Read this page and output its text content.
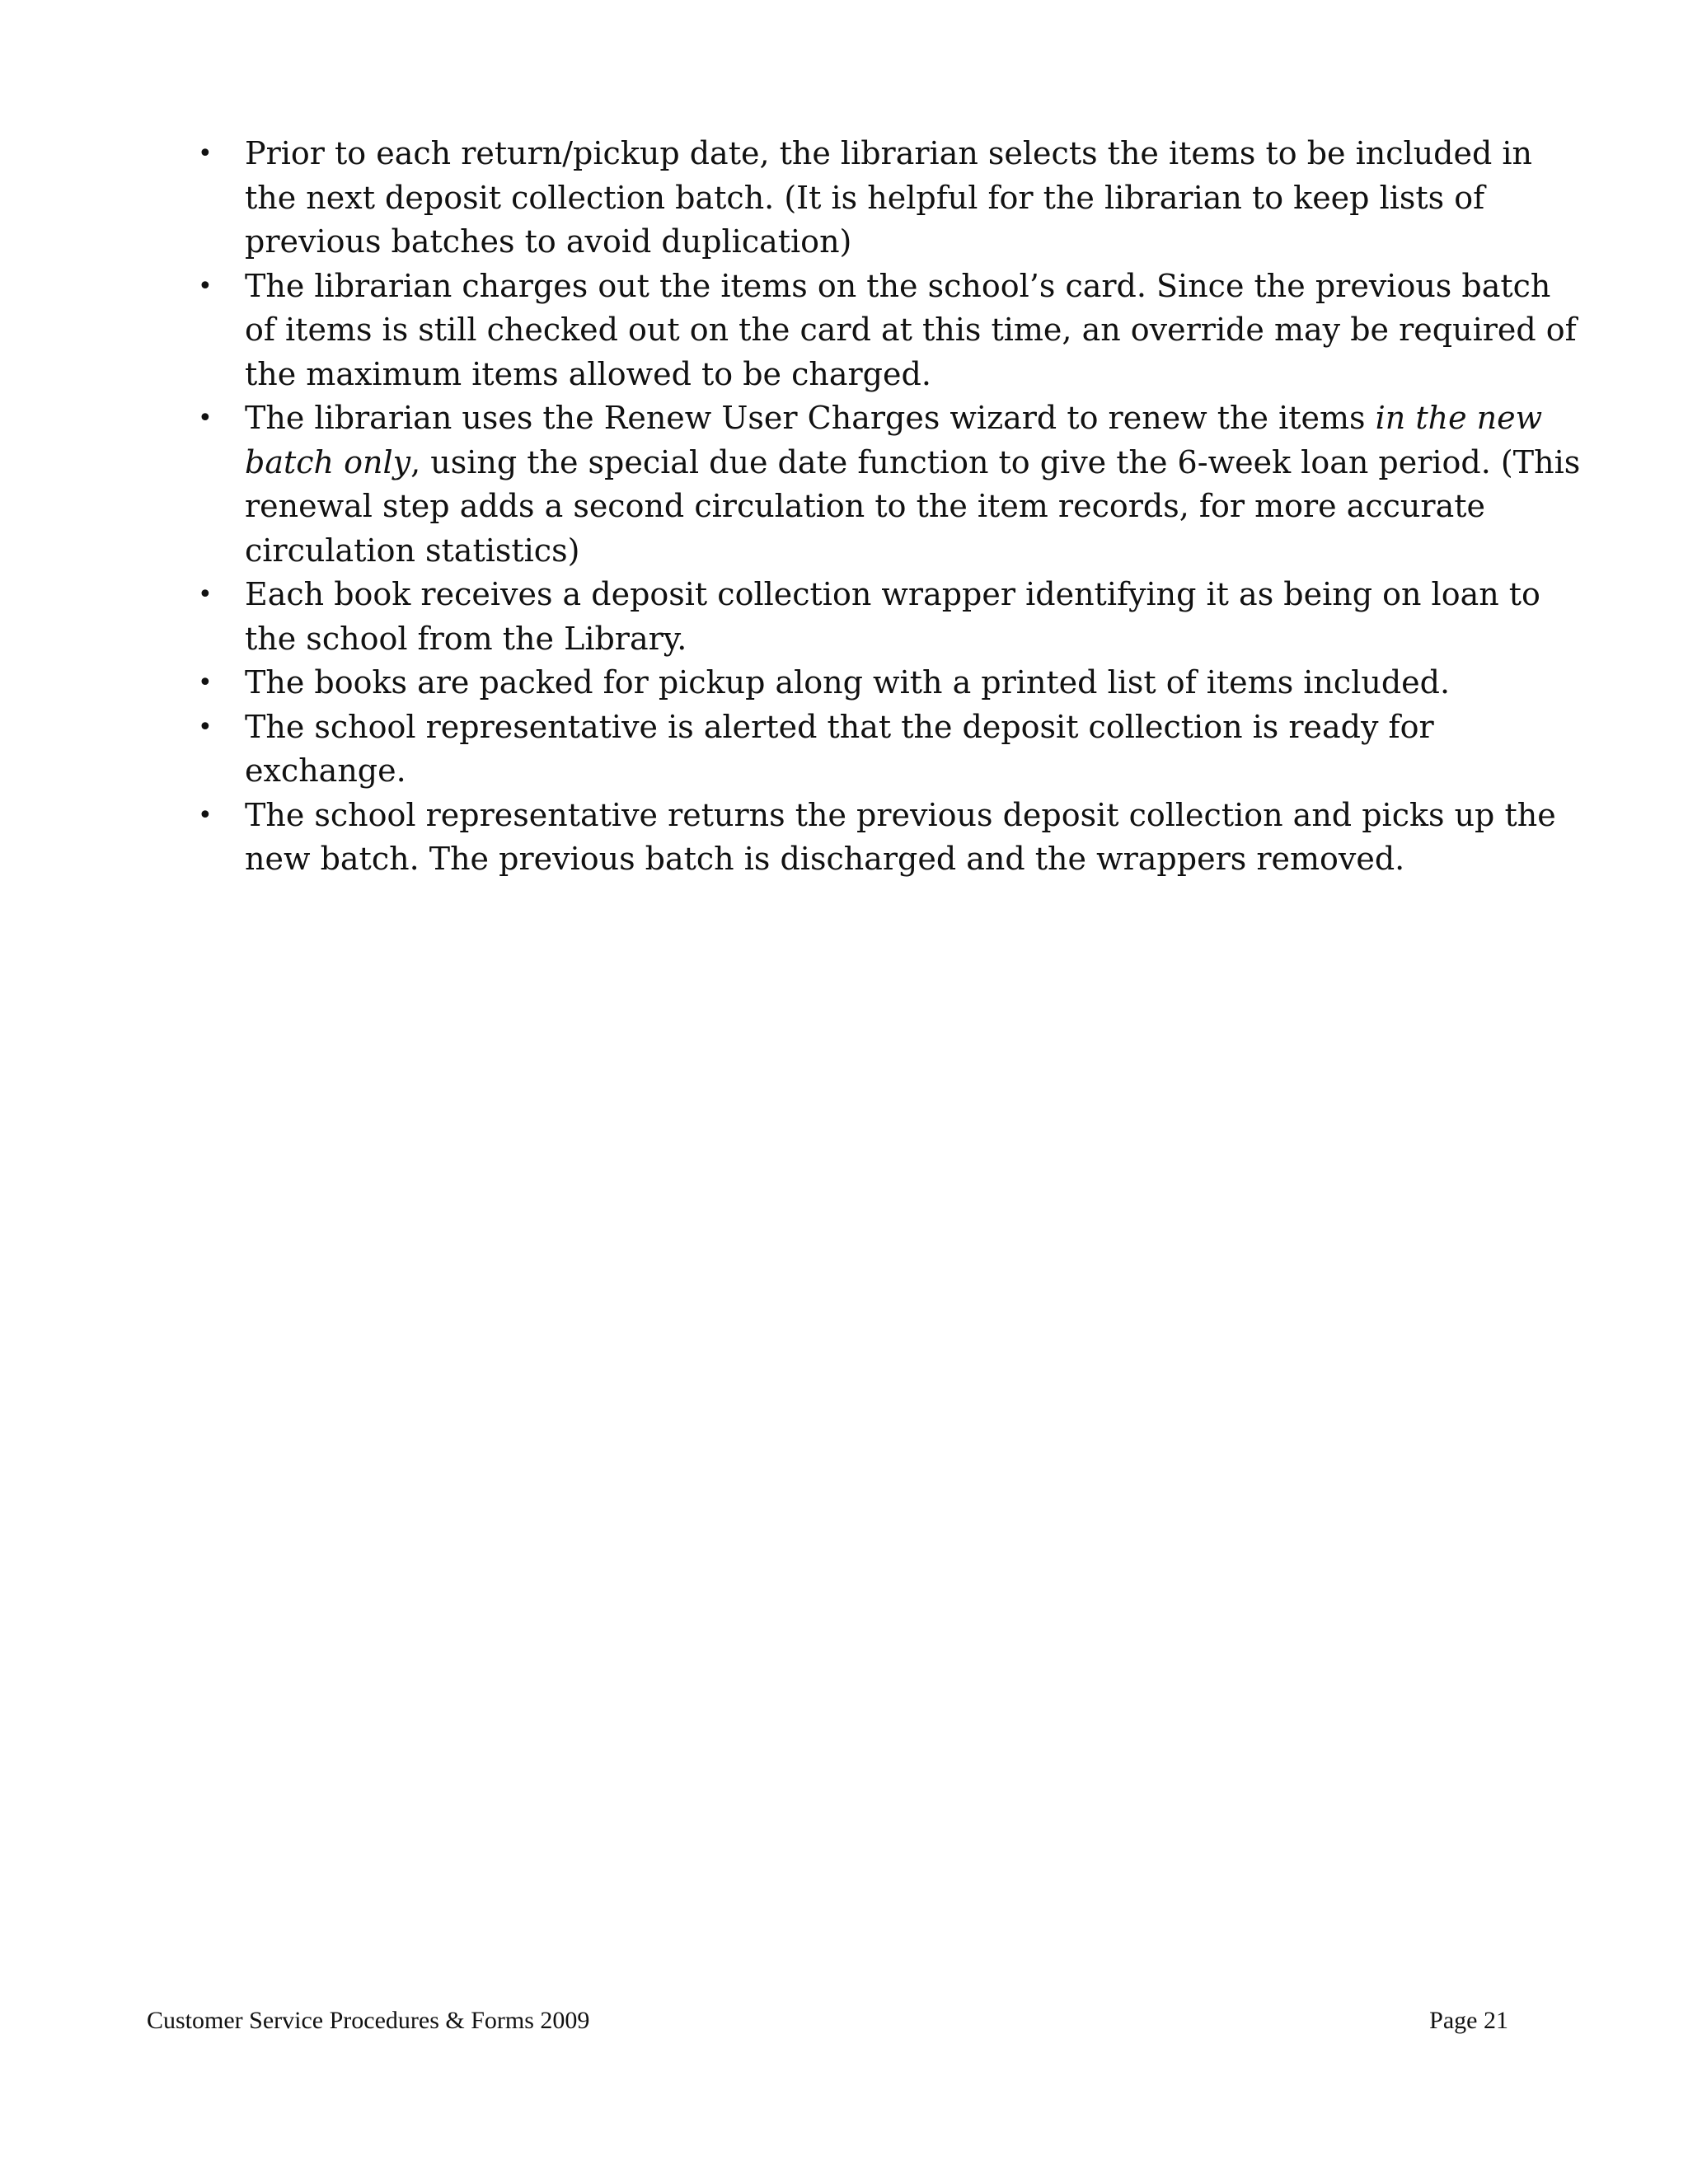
• Prior to each return/pickup date, the librarian selects the items to be included in the next deposit collection batch. (It is helpful for the librarian to keep lists of previous batches to avoid duplication)
• The librarian charges out the items on the school’s card. Since the previous batch of items is still checked out on the card at this time, an override may be required of the maximum items allowed to be charged.
• The librarian uses the Renew User Charges wizard to renew the items in the new batch only, using the special due date function to give the 6-week loan period. (This renewal step adds a second circulation to the item records, for more accurate circulation statistics)
• Each book receives a deposit collection wrapper identifying it as being on loan to the school from the Library.
• The books are packed for pickup along with a printed list of items included.
• The school representative is alerted that the deposit collection is ready for exchange.
• The school representative returns the previous deposit collection and picks up the new batch. The previous batch is discharged and the wrappers removed.
Customer Service Procedures & Forms 2009	Page 21
